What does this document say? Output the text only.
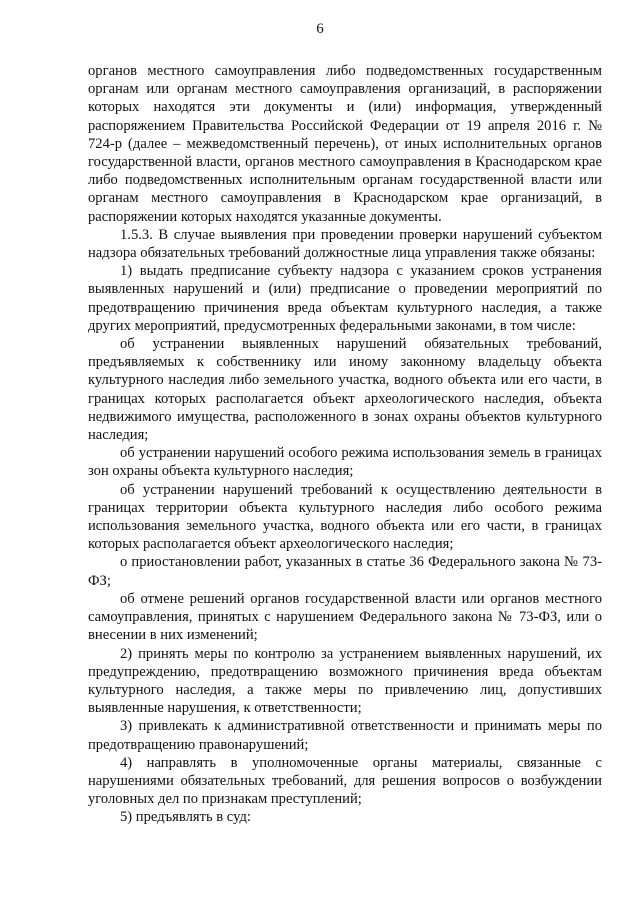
6

органов местного самоуправления либо подведомственных государственным органам или органам местного самоуправления организаций, в распоряжении которых находятся эти документы и (или) информация, утвержденный распоряжением Правительства Российской Федерации от 19 апреля 2016 г. № 724-р (далее – межведомственный перечень), от иных исполнительных органов государственной власти, органов местного самоуправления в Краснодарском крае либо подведомственных исполнительным органам государственной власти или органам местного самоуправления в Краснодарском крае организаций, в распоряжении которых находятся указанные документы.

1.5.3. В случае выявления при проведении проверки нарушений субъектом надзора обязательных требований должностные лица управления также обязаны:

1) выдать предписание субъекту надзора с указанием сроков устранения выявленных нарушений и (или) предписание о проведении мероприятий по предотвращению причинения вреда объектам культурного наследия, а также других мероприятий, предусмотренных федеральными законами, в том числе:

об устранении выявленных нарушений обязательных требований, предъявляемых к собственнику или иному законному владельцу объекта культурного наследия либо земельного участка, водного объекта или его части, в границах которых располагается объект археологического наследия, объекта недвижимого имущества, расположенного в зонах охраны объектов культурного наследия;

об устранении нарушений особого режима использования земель в границах зон охраны объекта культурного наследия;

об устранении нарушений требований к осуществлению деятельности в границах территории объекта культурного наследия либо особого режима использования земельного участка, водного объекта или его части, в границах которых располагается объект археологического наследия;

о приостановлении работ, указанных в статье 36 Федерального закона № 73-ФЗ;

об отмене решений органов государственной власти или органов местного самоуправления, принятых с нарушением Федерального закона № 73-ФЗ, или о внесении в них изменений;

2) принять меры по контролю за устранением выявленных нарушений, их предупреждению, предотвращению возможного причинения вреда объектам культурного наследия, а также меры по привлечению лиц, допустивших выявленные нарушения, к ответственности;

3) привлекать к административной ответственности и принимать меры по предотвращению правонарушений;

4) направлять в уполномоченные органы материалы, связанные с нарушениями обязательных требований, для решения вопросов о возбуждении уголовных дел по признакам преступлений;

5) предъявлять в суд:
